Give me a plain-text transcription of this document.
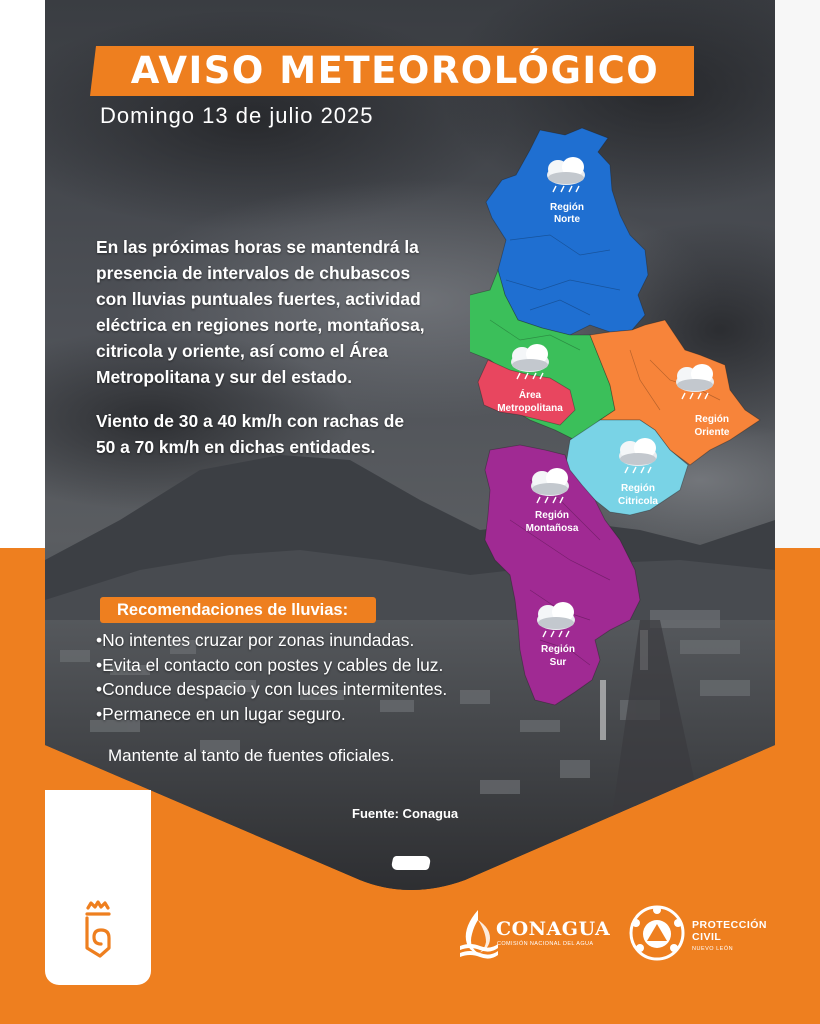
AVISO METEOROLÓGICO
Domingo 13 de julio 2025
En las próximas horas se mantendrá la
presencia de intervalos de chubascos
con lluvias puntuales fuertes, actividad
eléctrica en regiones norte, montañosa,
citricola y oriente, así como el Área
Metropolitana y sur del estado.
Viento de 30 a 40 km/h con rachas de
50 a 70 km/h en dichas entidades.
Región
Norte
Área
Metropolitana
Región
Oriente
Región
Citricola
Región
Montañosa
Región
Sur
Recomendaciones de lluvias:
•No intentes cruzar por zonas inundadas.
•Evita el contacto con postes y cables de luz.
•Conduce despacio y con luces intermitentes.
•Permanece en un lugar seguro.
Mantente al tanto de fuentes oficiales.
Fuente: Conagua
CONAGUA
COMISIÓN NACIONAL DEL AGUA
PROTECCIÓN
CIVIL
NUEVO LEÓN
